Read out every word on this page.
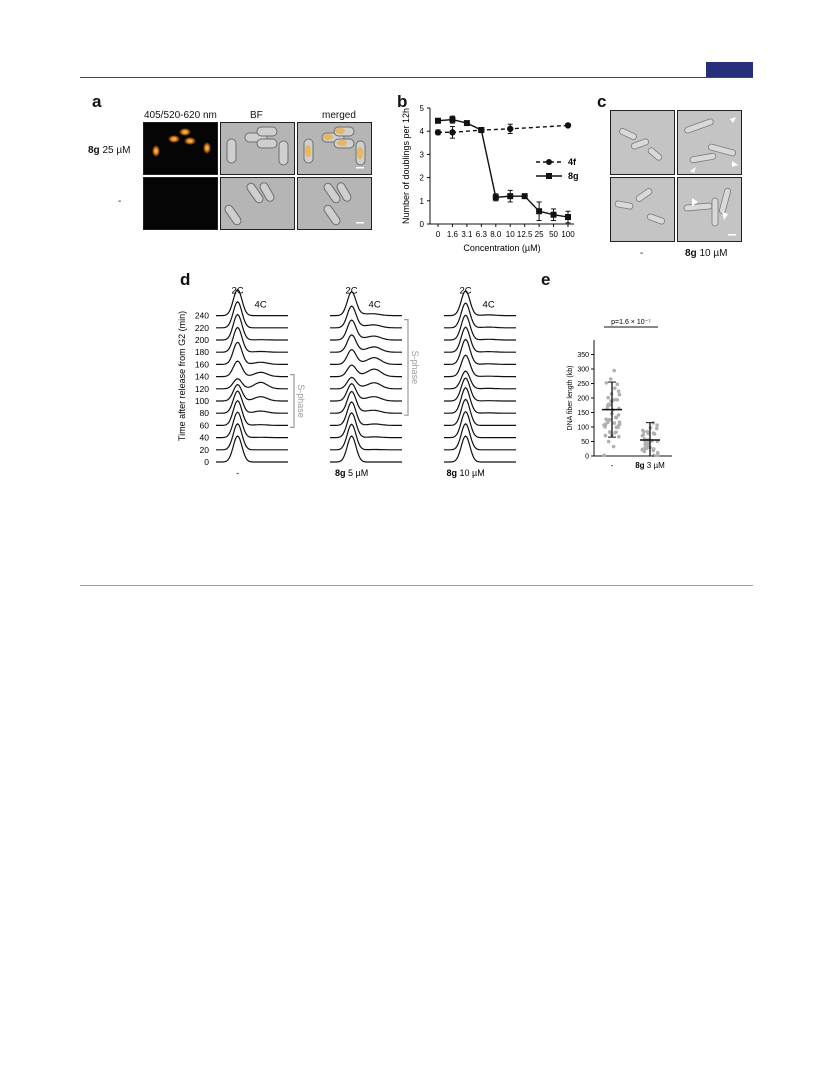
a
405/520-620 nm	BF	merged
8g 25 µM
-
b
0
1
2
3
4
5
0 1.6 3.1 6.3 8.0 10 12.5 25 50 100
Concentration (µM)
Number of doublings per 12h	4f
8g
c
-	8g 10 µM
d
Time after release from G2 (min)
0
20
40
60
80
100
120
140
160
180
200
220
240
2C
4C
2C
4C
2C
4C
S-phase
S-phase
-	8g 5 µM	8g 10 µM
e
0
50
100
150
200
250
300
350
DNA fiber length (kb)
p=1.6 × 10⁻⁷
-	8g 3 µM
